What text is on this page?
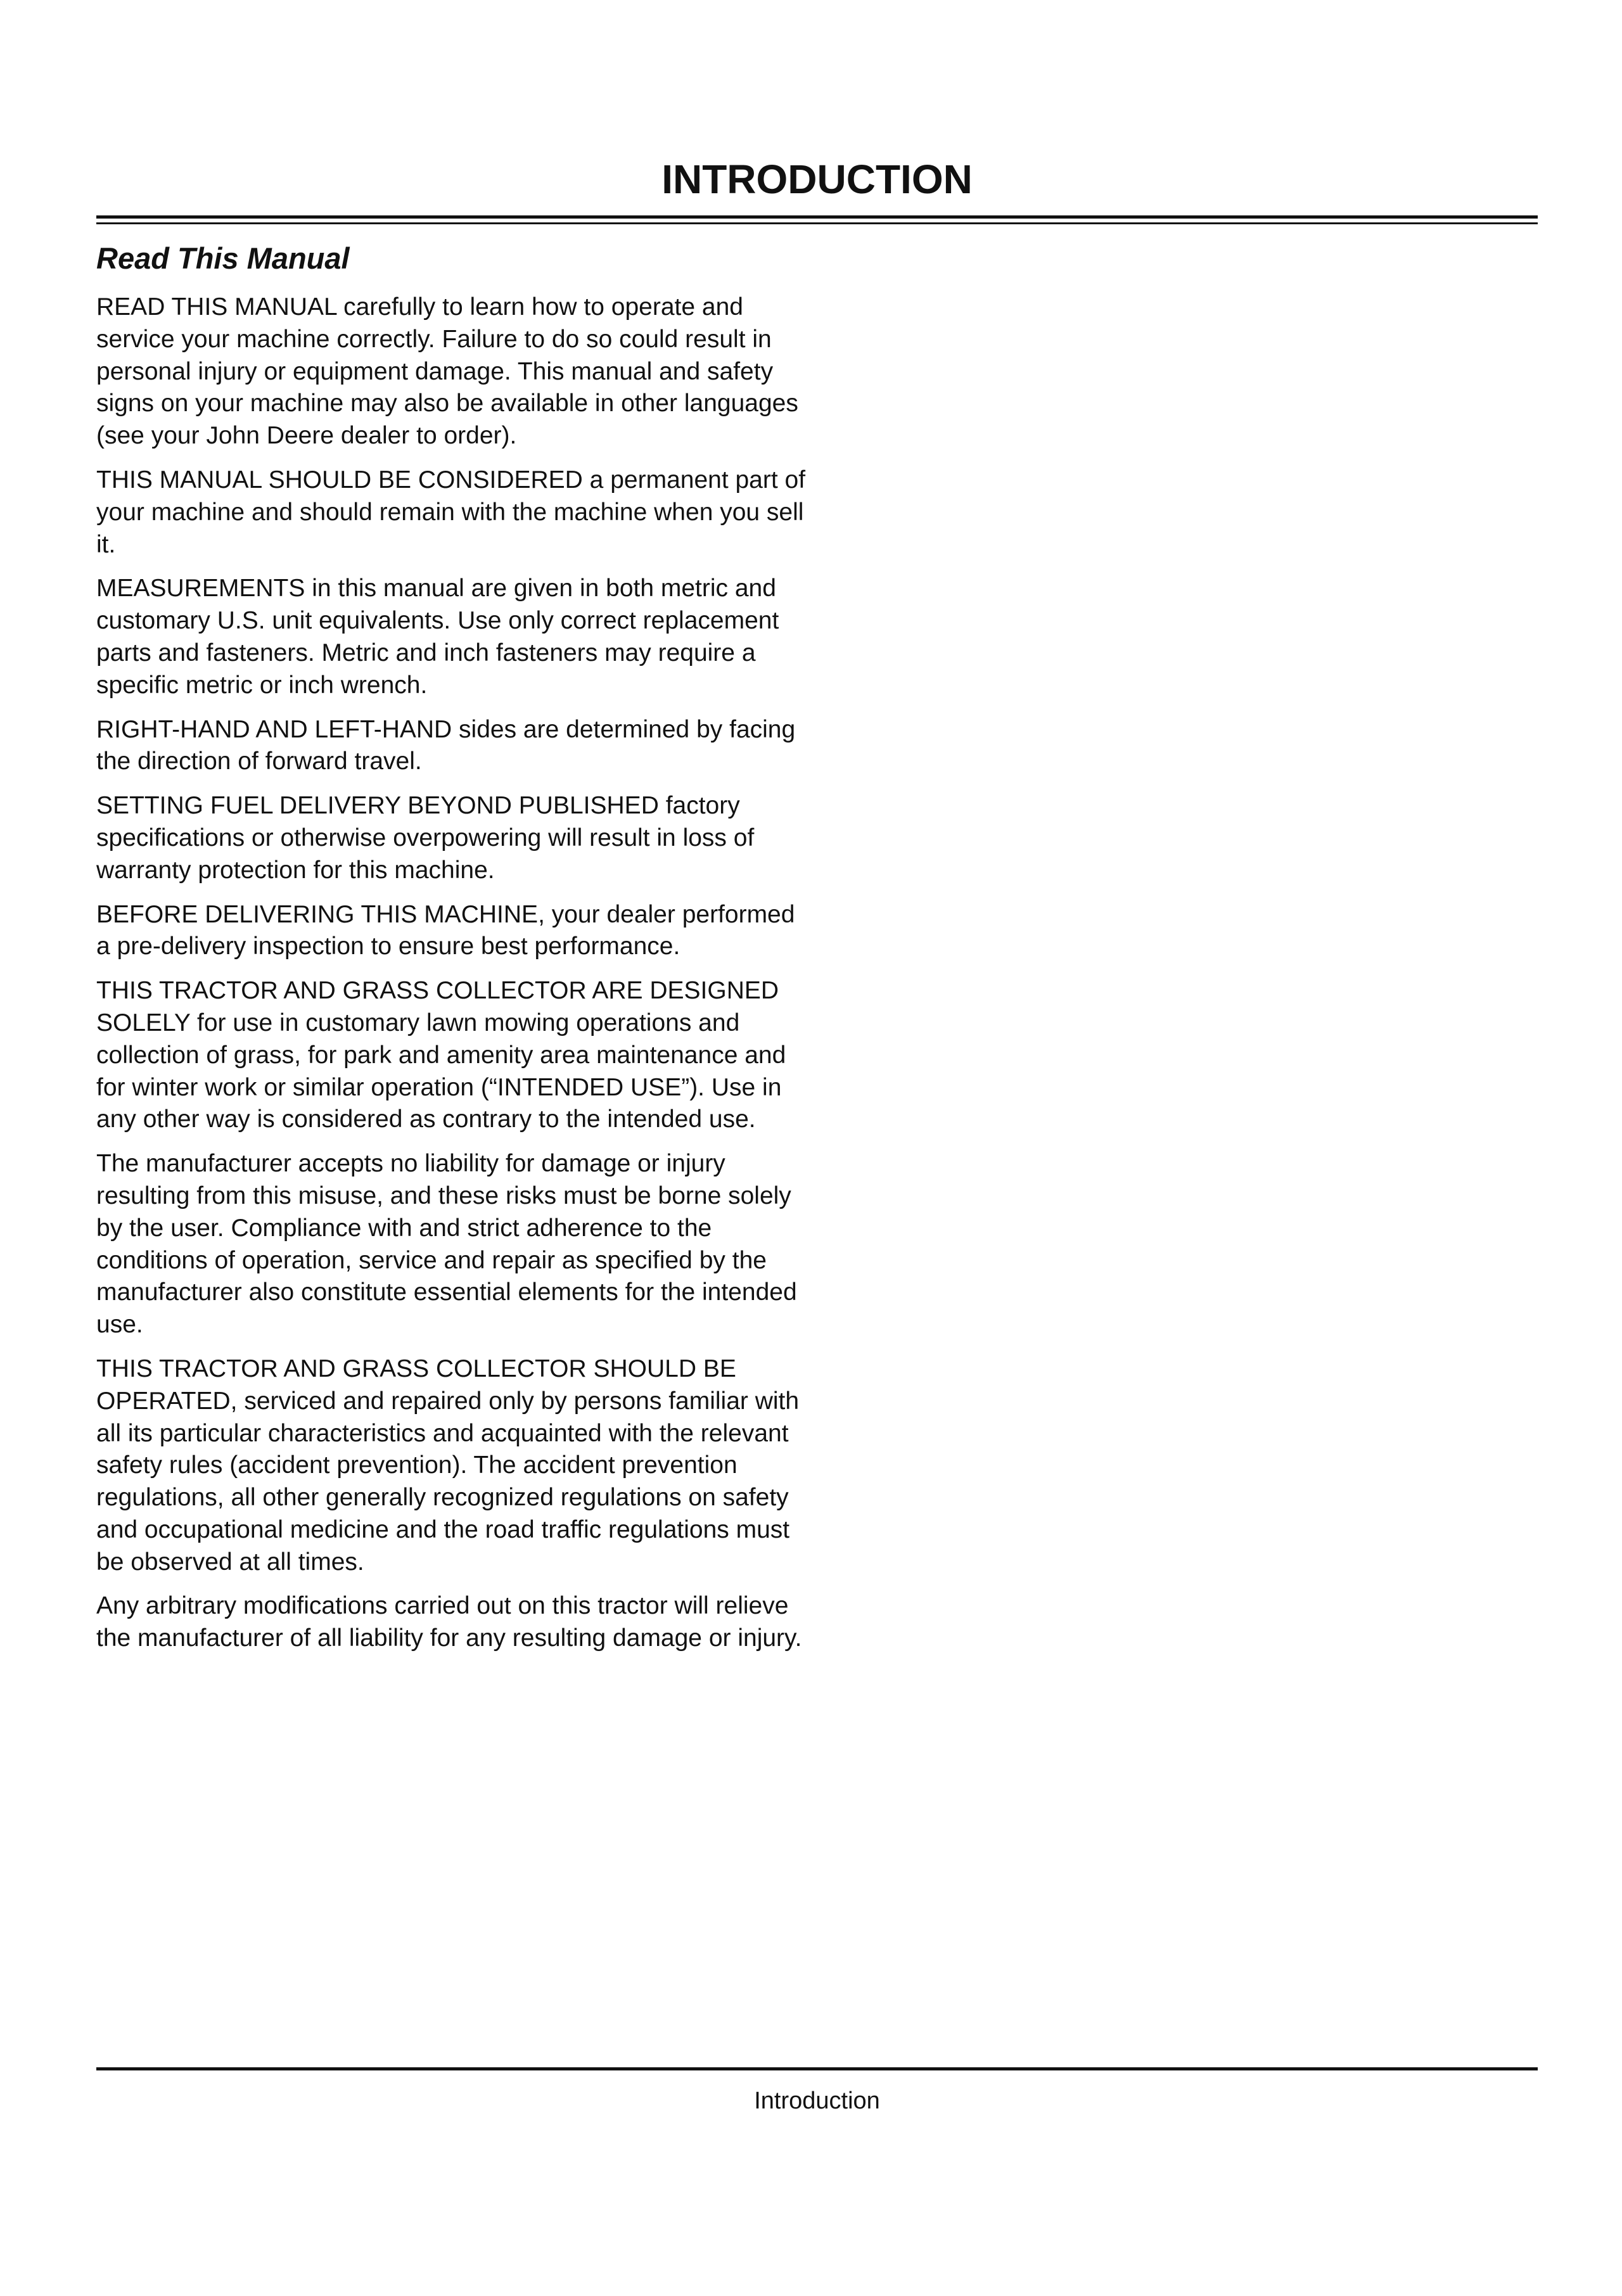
INTRODUCTION
Read This Manual

READ THIS MANUAL carefully to learn how to operate and service your machine correctly. Failure to do so could result in personal injury or equipment damage. This manual and safety signs on your machine may also be available in other languages (see your John Deere dealer to order).

THIS MANUAL SHOULD BE CONSIDERED a permanent part of your machine and should remain with the machine when you sell it.

MEASUREMENTS in this manual are given in both metric and customary U.S. unit equivalents. Use only correct replacement parts and fasteners. Metric and inch fasteners may require a specific metric or inch wrench.

RIGHT-HAND AND LEFT-HAND sides are determined by facing the direction of forward travel.

SETTING FUEL DELIVERY BEYOND PUBLISHED factory specifications or otherwise overpowering will result in loss of warranty protection for this machine.

BEFORE DELIVERING THIS MACHINE, your dealer performed a pre-delivery inspection to ensure best performance.

THIS TRACTOR AND GRASS COLLECTOR ARE DESIGNED SOLELY for use in customary lawn mowing operations and collection of grass, for park and amenity area maintenance and for winter work or similar operation (“INTENDED USE”). Use in any other way is considered as contrary to the intended use.

The manufacturer accepts no liability for damage or injury resulting from this misuse, and these risks must be borne solely by the user. Compliance with and strict adherence to the conditions of operation, service and repair as specified by the manufacturer also constitute essential elements for the intended use.

THIS TRACTOR AND GRASS COLLECTOR SHOULD BE OPERATED, serviced and repaired only by persons familiar with all its particular characteristics and acquainted with the relevant safety rules (accident prevention). The accident prevention regulations, all other generally recognized regulations on safety and occupational medicine and the road traffic regulations must be observed at all times.

Any arbitrary modifications carried out on this tractor will relieve the manufacturer of all liability for any resulting damage or injury.

Introduction
